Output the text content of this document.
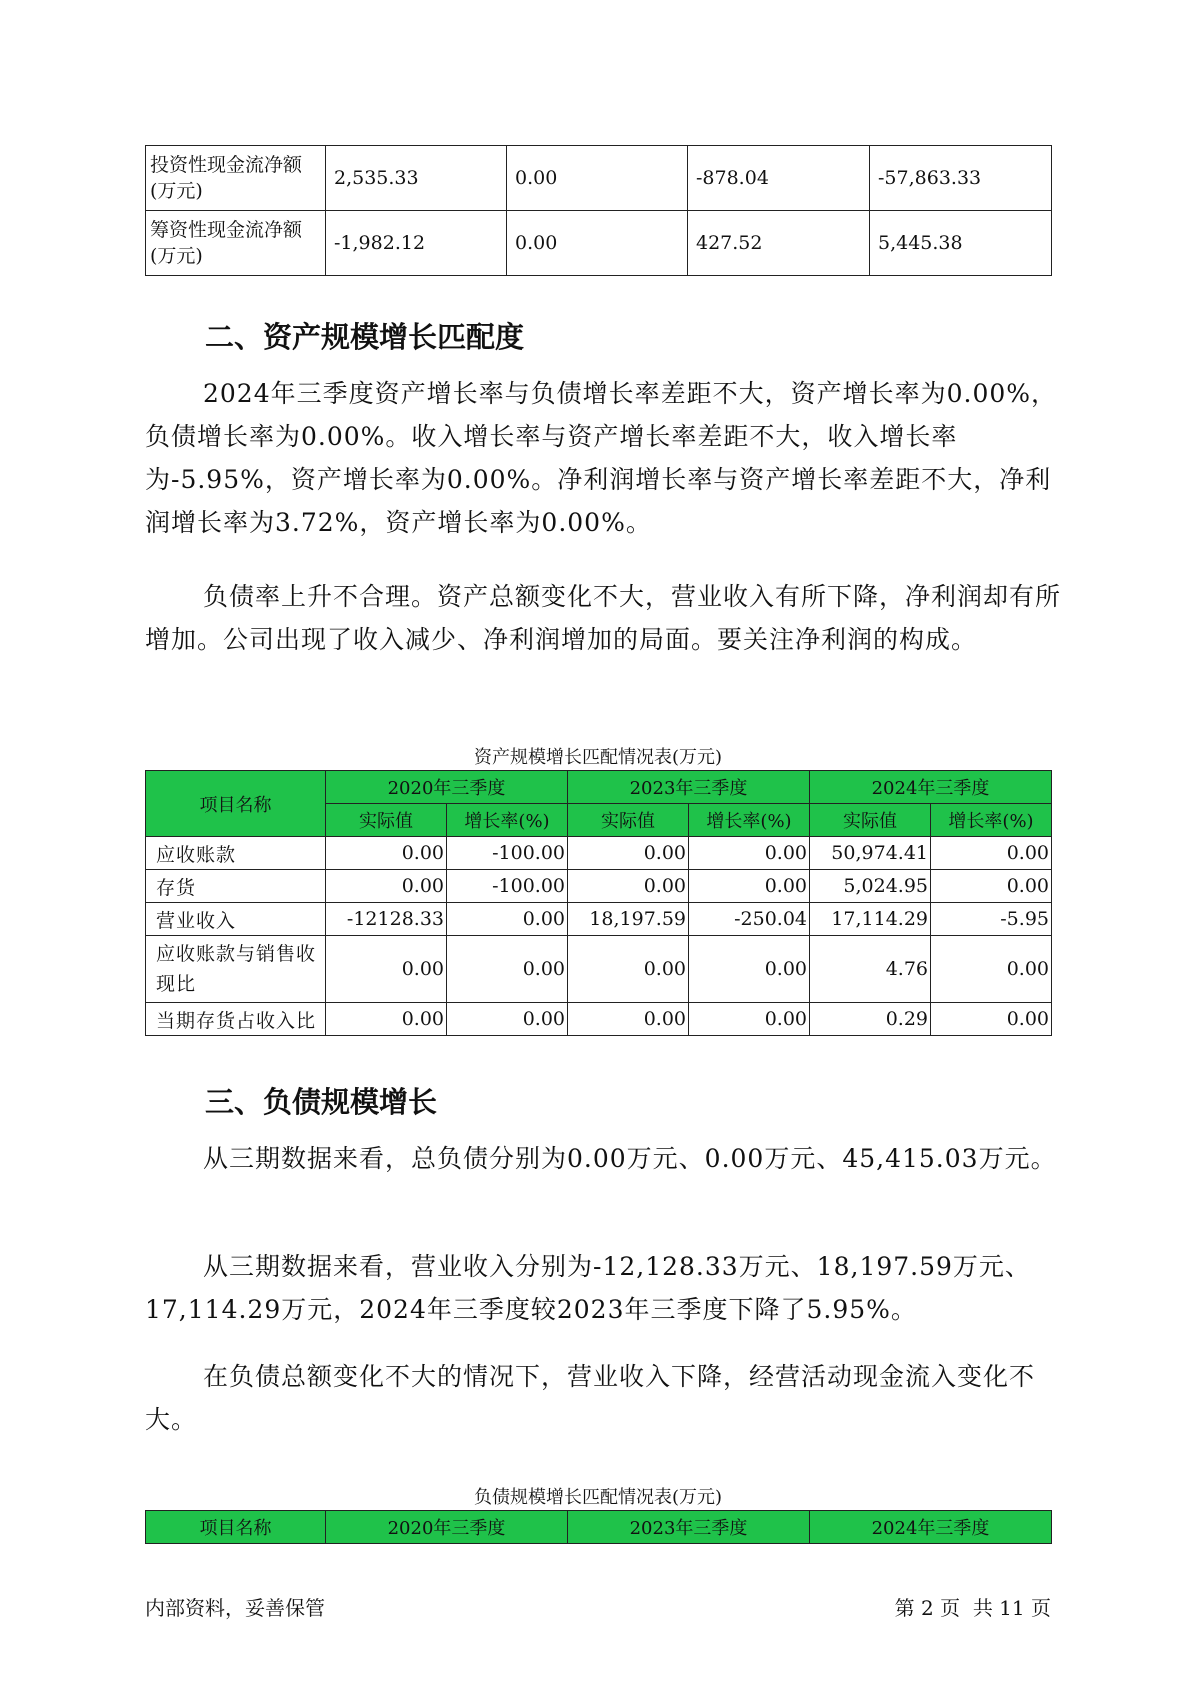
投资性现金流净额(万元)	2,535.33	0.00	-878.04	-57,863.33
筹资性现金流净额(万元)	-1,982.12	0.00	427.52	5,445.38
二、资产规模增长匹配度

2024年三季度资产增长率与负债增长率差距不大，资产增长率为0.00%，负债增长率为0.00%。收入增长率与资产增长率差距不大，收入增长率为-5.95%，资产增长率为0.00%。净利润增长率与资产增长率差距不大，净利润增长率为3.72%，资产增长率为0.00%。

负债率上升不合理。资产总额变化不大，营业收入有所下降，净利润却有所增加。公司出现了收入减少、净利润增加的局面。要关注净利润的构成。

资产规模增长匹配情况表(万元)

项目名称	2020年三季度		2023年三季度		2024年三季度	
	实际值	增长率(%)	实际值	增长率(%)	实际值	增长率(%)
应收账款	0.00	-100.00	0.00	0.00	50,974.41	0.00
存货	0.00	-100.00	0.00	0.00	5,024.95	0.00
营业收入	-12128.33	0.00	18,197.59	-250.04	17,114.29	-5.95
应收账款与销售收现比	0.00	0.00	0.00	0.00	4.76	0.00
当期存货占收入比	0.00	0.00	0.00	0.00	0.29	0.00
三、负债规模增长

从三期数据来看，总负债分别为0.00万元、0.00万元、45,415.03万元。

从三期数据来看，营业收入分别为-12,128.33万元、18,197.59万元、17,114.29万元，2024年三季度较2023年三季度下降了5.95%。

在负债总额变化不大的情况下，营业收入下降，经营活动现金流入变化不大。

负债规模增长匹配情况表(万元)

项目名称	2020年三季度	2023年三季度	2024年三季度
内部资料，妥善保管	第 2 页  共 11 页
